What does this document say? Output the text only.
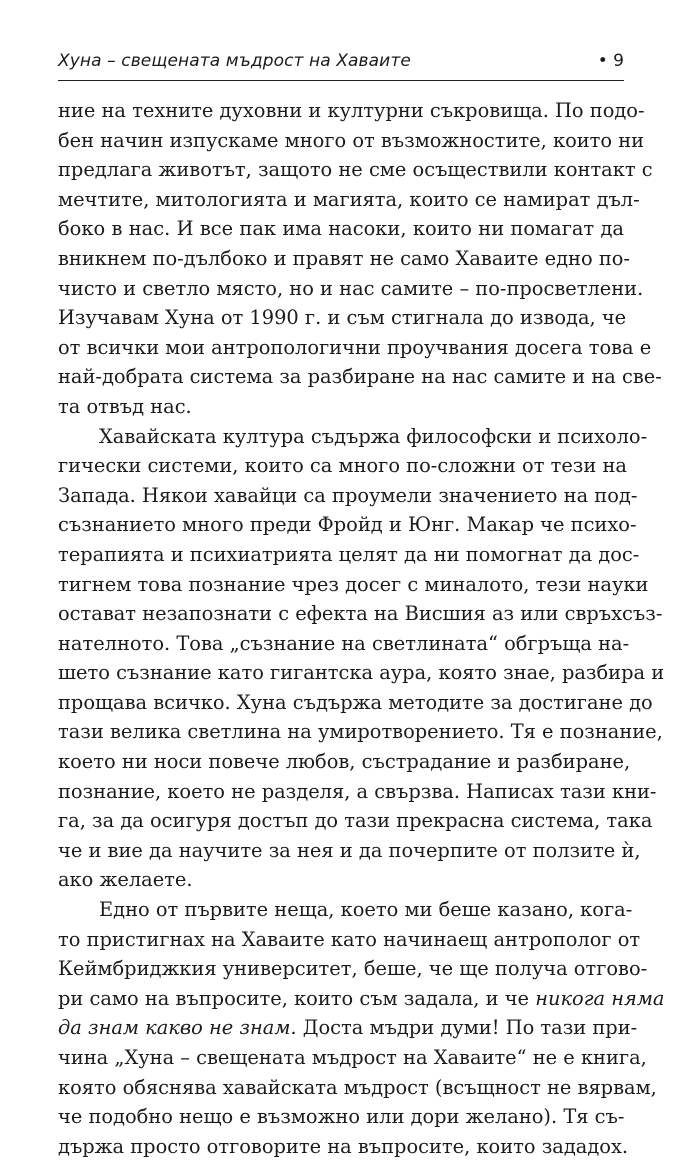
Хуна – свещената мъдрост на Хаваите	• 9
ние на техните духовни и културни съкровища. По подо-
бен начин изпускаме много от възможностите, които ни
предлага животът, защото не сме осъществили контакт с
мечтите, митологията и магията, които се намират дъл-
боко в нас. И все пак има насоки, които ни помагат да
вникнем по-дълбоко и правят не само Хаваите едно по-
чисто и светло място, но и нас самите – по-просветлени.
Изучавам Хуна от 1990 г. и съм стигнала до извода, че
от всички мои антропологични проучвания досега това е
най-добрата система за разбиране на нас самите и на све-
та отвъд нас.
Хавайската култура съдържа философски и психоло-
гически системи, които са много по-сложни от тези на
Запада. Някои хавайци са проумели значението на под-
съзнанието много преди Фройд и Юнг. Макар че психо-
терапията и психиатрията целят да ни помогнат да дос-
тигнем това познание чрез досег с миналото, тези науки
остават незапознати с ефекта на Висшия аз или свръхсъз-
нателното. Това „съзнание на светлината“ обгръща на-
шето съзнание като гигантска аура, която знае, разбира и
прощава всичко. Хуна съдържа методите за достигане до
тази велика светлина на умиротворението. Тя е познание,
което ни носи повече любов, състрадание и разбиране,
познание, което не разделя, а свързва. Написах тази кни-
га, за да осигуря достъп до тази прекрасна система, така
че и вие да научите за нея и да почерпите от ползите ѝ,
ако желаете.
Едно от първите неща, което ми беше казано, кога-
то пристигнах на Хаваите като начинаещ антрополог от
Кеймбриджкия университет, беше, че ще получа отгово-
ри само на въпросите, които съм задала, и че никога няма
да знам какво не знам. Доста мъдри думи! По тази при-
чина „Хуна – свещената мъдрост на Хаваите“ не е книга,
която обяснява хавайската мъдрост (всъщност не вярвам,
че подобно нещо е възможно или дори желано). Тя съ-
държа просто отговорите на въпросите, които зададох.
